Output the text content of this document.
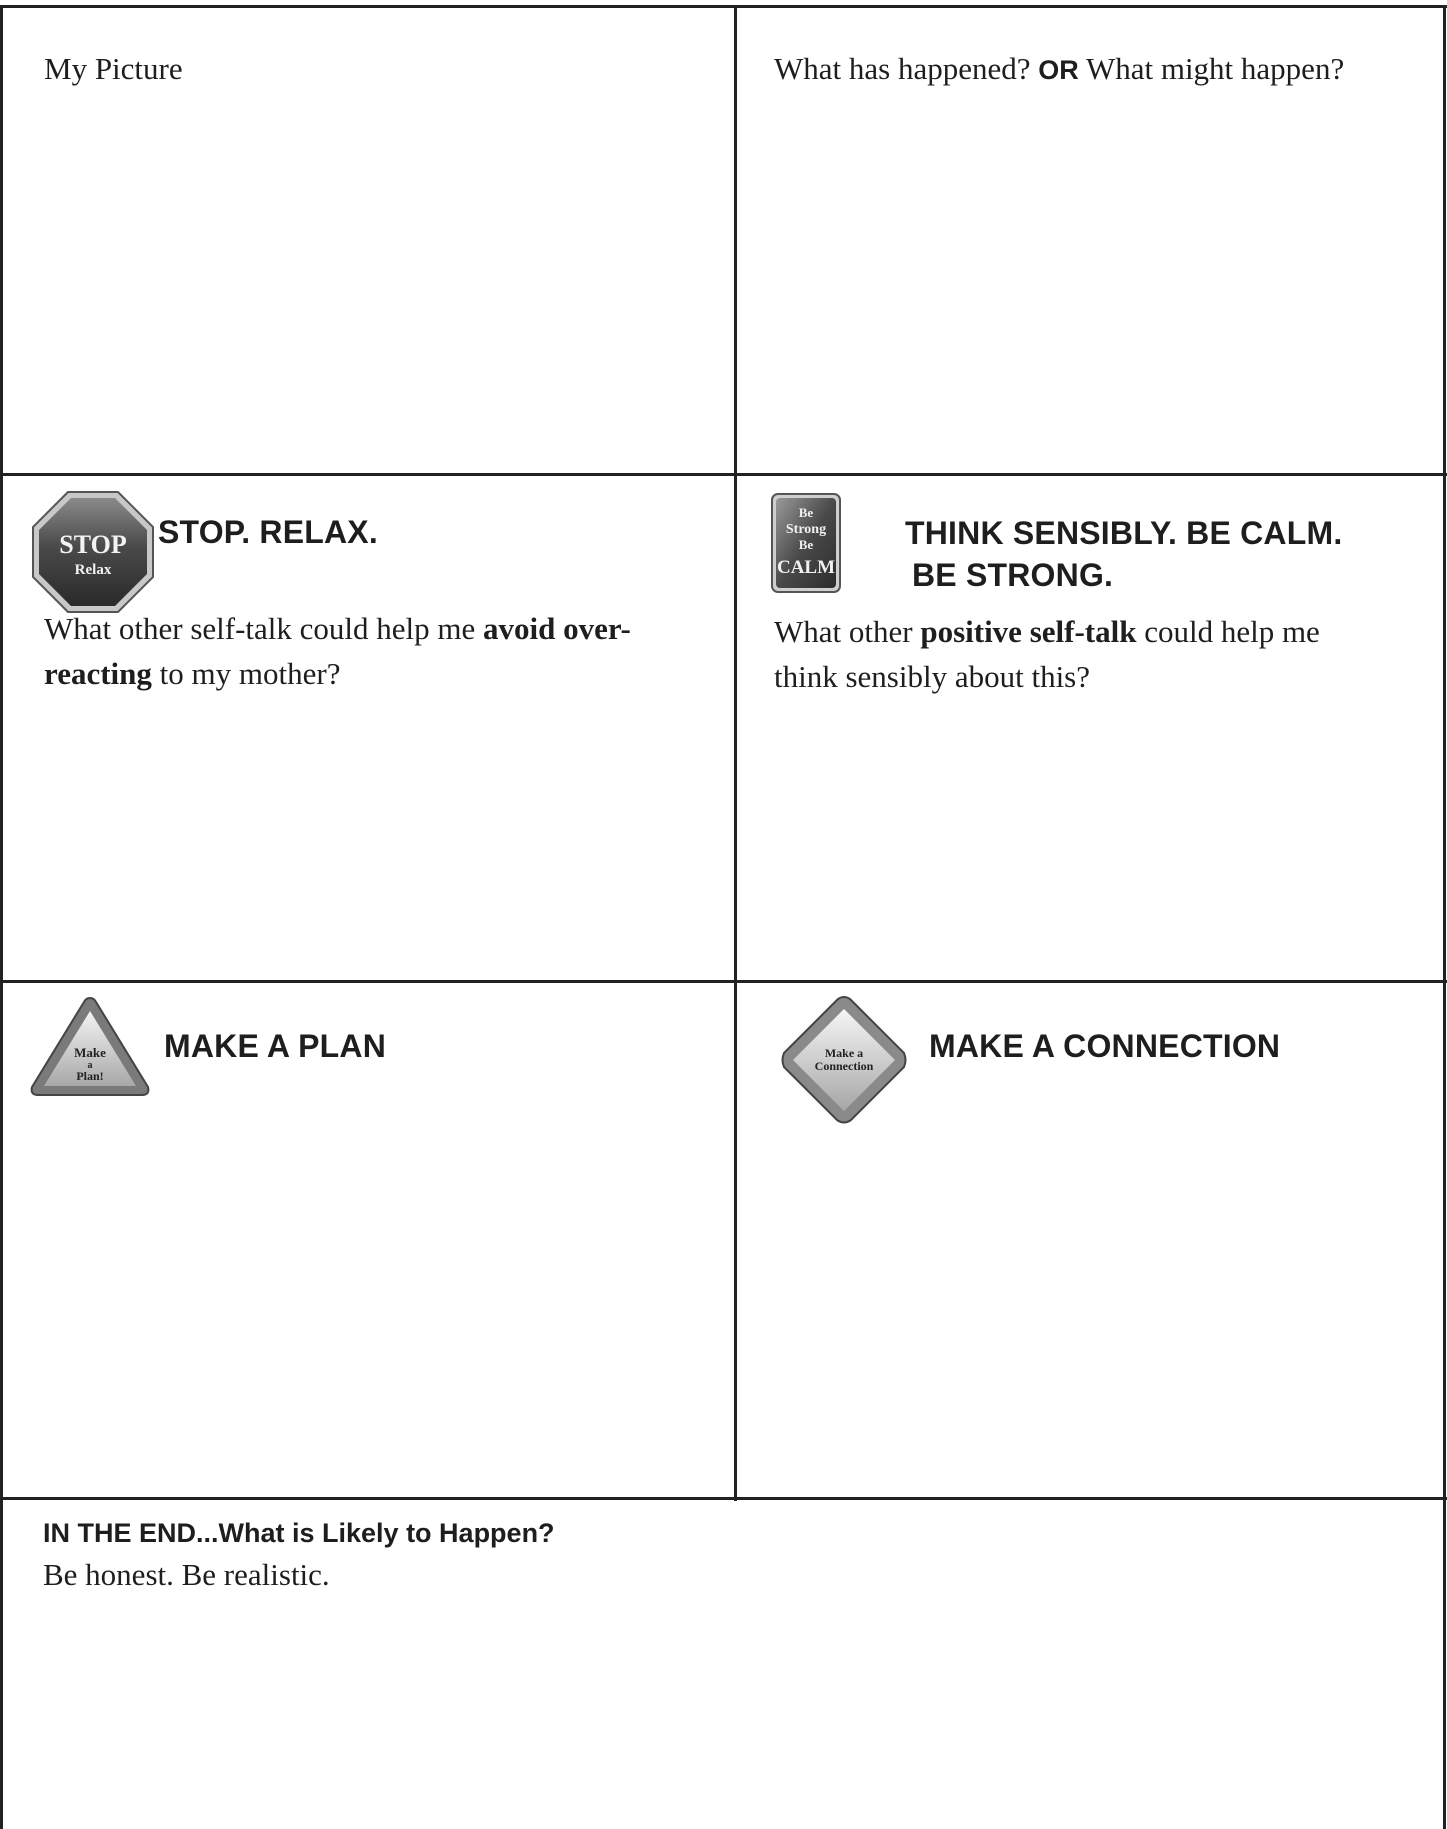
My Picture	What has happened? OR What might happen?
STOP
Relax
STOP. RELAX.
What other self-talk could help me avoid over-
reacting to my mother?
Be
Strong
Be
CALM
THINK SENSIBLY. BE CALM.
BE STRONG.
What other positive self-talk could help me
think sensibly about this?
Make
a
Plan!
MAKE A PLAN	Make a
Connection
MAKE A CONNECTION
IN THE END...What is Likely to Happen?
Be honest. Be realistic.
